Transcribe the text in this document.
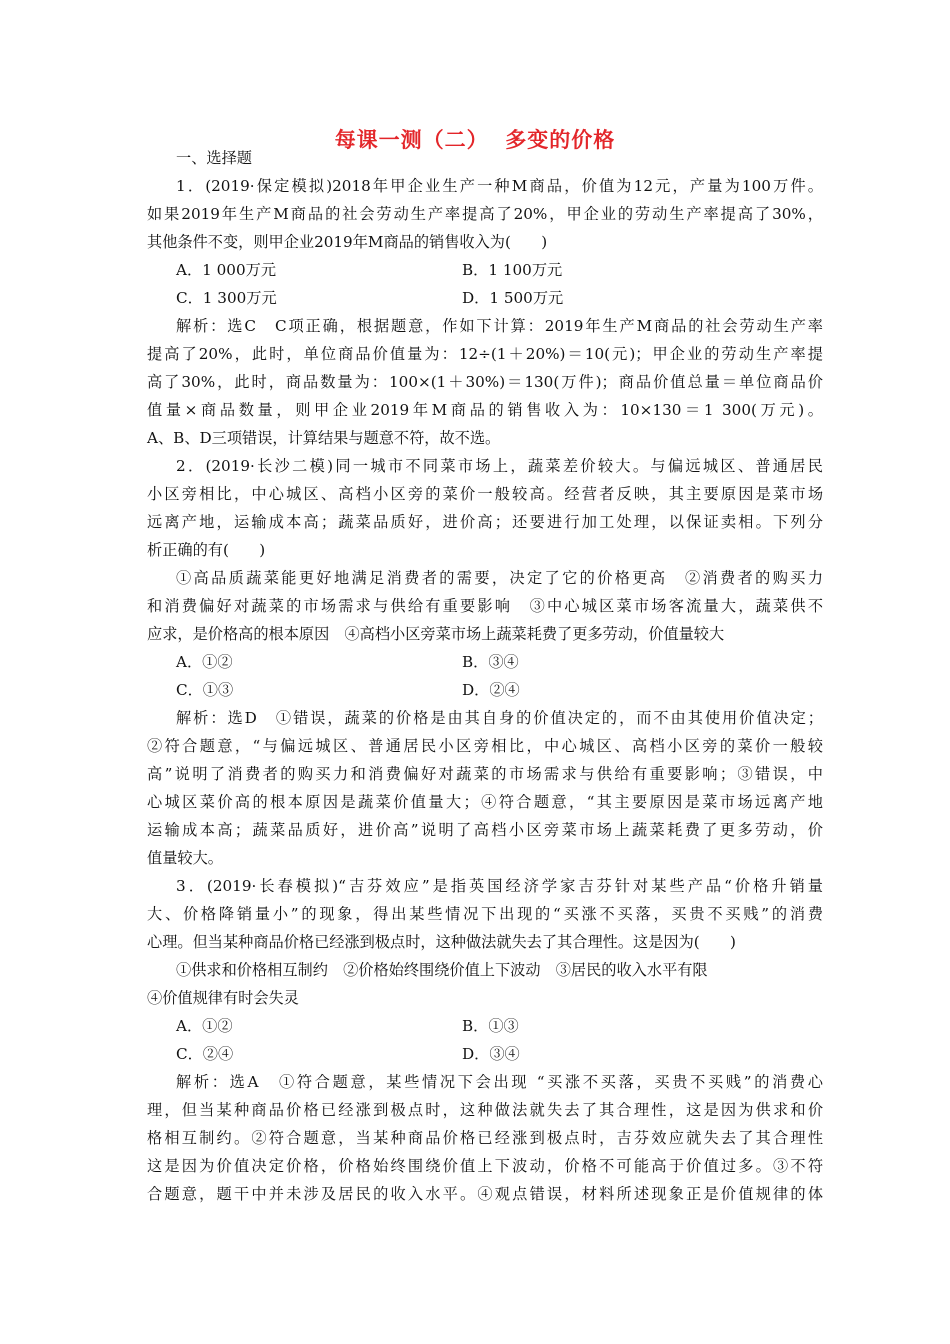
每课一测（二）  多变的价格
一、选择题
1．(2019·保定模拟)2018年甲企业生产一种M商品，价值为12元，产量为100万件。
如果2019年生产M商品的社会劳动生产率提高了20%，甲企业的劳动生产率提高了30%，
其他条件不变，则甲企业2019年M商品的销售收入为(　　)
A．1 000万元	B．1 100万元
C．1 300万元	D．1 500万元
解析：选C　C项正确，根据题意，作如下计算：2019年生产M商品的社会劳动生产率
提高了20%，此时，单位商品价值量为：12÷(1＋20%)＝10(元)；甲企业的劳动生产率提
高了30%，此时，商品数量为：100×(1＋30%)＝130(万件)；商品价值总量＝单位商品价
值量×商品数量，则甲企业2019年M商品的销售收入为：10×130＝1 300(万元)。
A、B、D三项错误，计算结果与题意不符，故不选。
2．(2019·长沙二模)同一城市不同菜市场上，蔬菜差价较大。与偏远城区、普通居民
小区旁相比，中心城区、高档小区旁的菜价一般较高。经营者反映，其主要原因是菜市场
远离产地，运输成本高；蔬菜品质好，进价高；还要进行加工处理，以保证卖相。下列分
析正确的有(　　)
①高品质蔬菜能更好地满足消费者的需要，决定了它的价格更高　②消费者的购买力
和消费偏好对蔬菜的市场需求与供给有重要影响　③中心城区菜市场客流量大，蔬菜供不
应求，是价格高的根本原因　④高档小区旁菜市场上蔬菜耗费了更多劳动，价值量较大
A．①②	B．③④
C．①③	D．②④
解析：选D　①错误，蔬菜的价格是由其自身的价值决定的，而不由其使用价值决定；
②符合题意，“与偏远城区、普通居民小区旁相比，中心城区、高档小区旁的菜价一般较
高”说明了消费者的购买力和消费偏好对蔬菜的市场需求与供给有重要影响；③错误，中
心城区菜价高的根本原因是蔬菜价值量大；④符合题意，“其主要原因是菜市场远离产地
运输成本高；蔬菜品质好，进价高”说明了高档小区旁菜市场上蔬菜耗费了更多劳动，价
值量较大。
3．(2019·长春模拟)“吉芬效应”是指英国经济学家吉芬针对某些产品“价格升销量
大、价格降销量小”的现象，得出某些情况下出现的“买涨不买落，买贵不买贱”的消费
心理。但当某种商品价格已经涨到极点时，这种做法就失去了其合理性。这是因为(　　)
①供求和价格相互制约　②价格始终围绕价值上下波动　③居民的收入水平有限
④价值规律有时会失灵
A．①②	B．①③
C．②④	D．③④
解析：选A　①符合题意，某些情况下会出现 “买涨不买落，买贵不买贱”的消费心
理，但当某种商品价格已经涨到极点时，这种做法就失去了其合理性，这是因为供求和价
格相互制约。②符合题意，当某种商品价格已经涨到极点时，吉芬效应就失去了其合理性
这是因为价值决定价格，价格始终围绕价值上下波动，价格不可能高于价值过多。③不符
合题意，题干中并未涉及居民的收入水平。④观点错误，材料所述现象正是价值规律的体
